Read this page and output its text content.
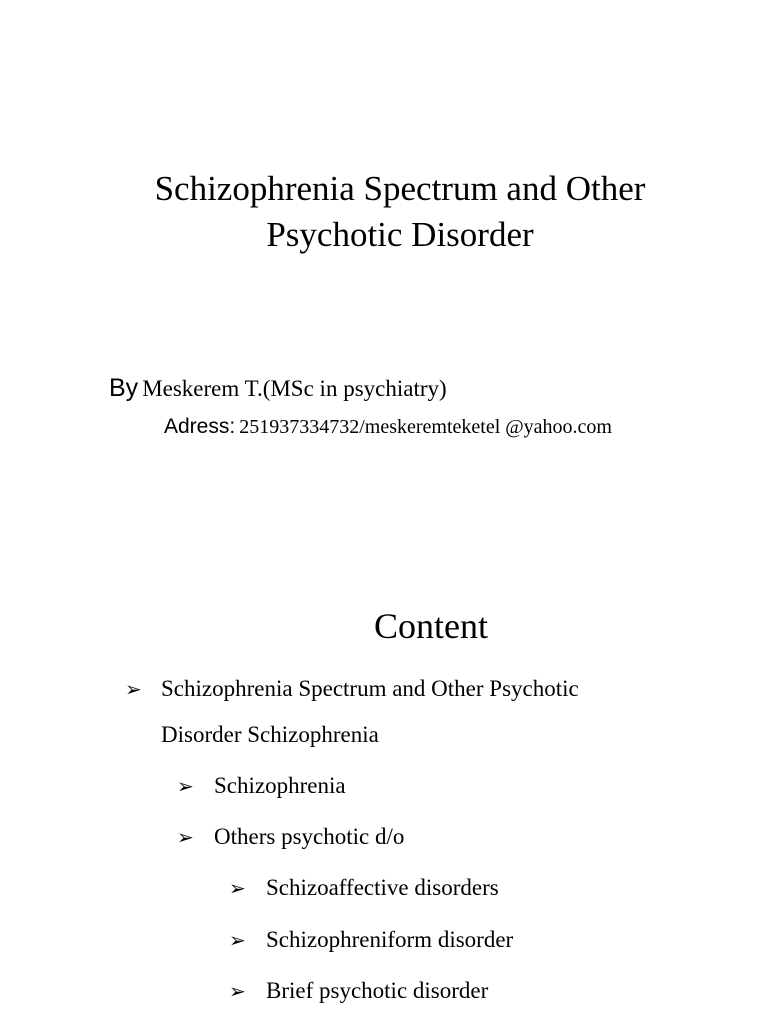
Schizophrenia Spectrum and Other
Psychotic Disorder
By Meskerem T.(MSc in psychiatry)
Adress: 251937334732/meskeremteketel @yahoo.com
Content
➢ Schizophrenia Spectrum and Other Psychotic
Disorder Schizophrenia
➢ Schizophrenia
➢ Others psychotic d/o
➢ Schizoaffective disorders
➢ Schizophreniform disorder
➢ Brief psychotic disorder
